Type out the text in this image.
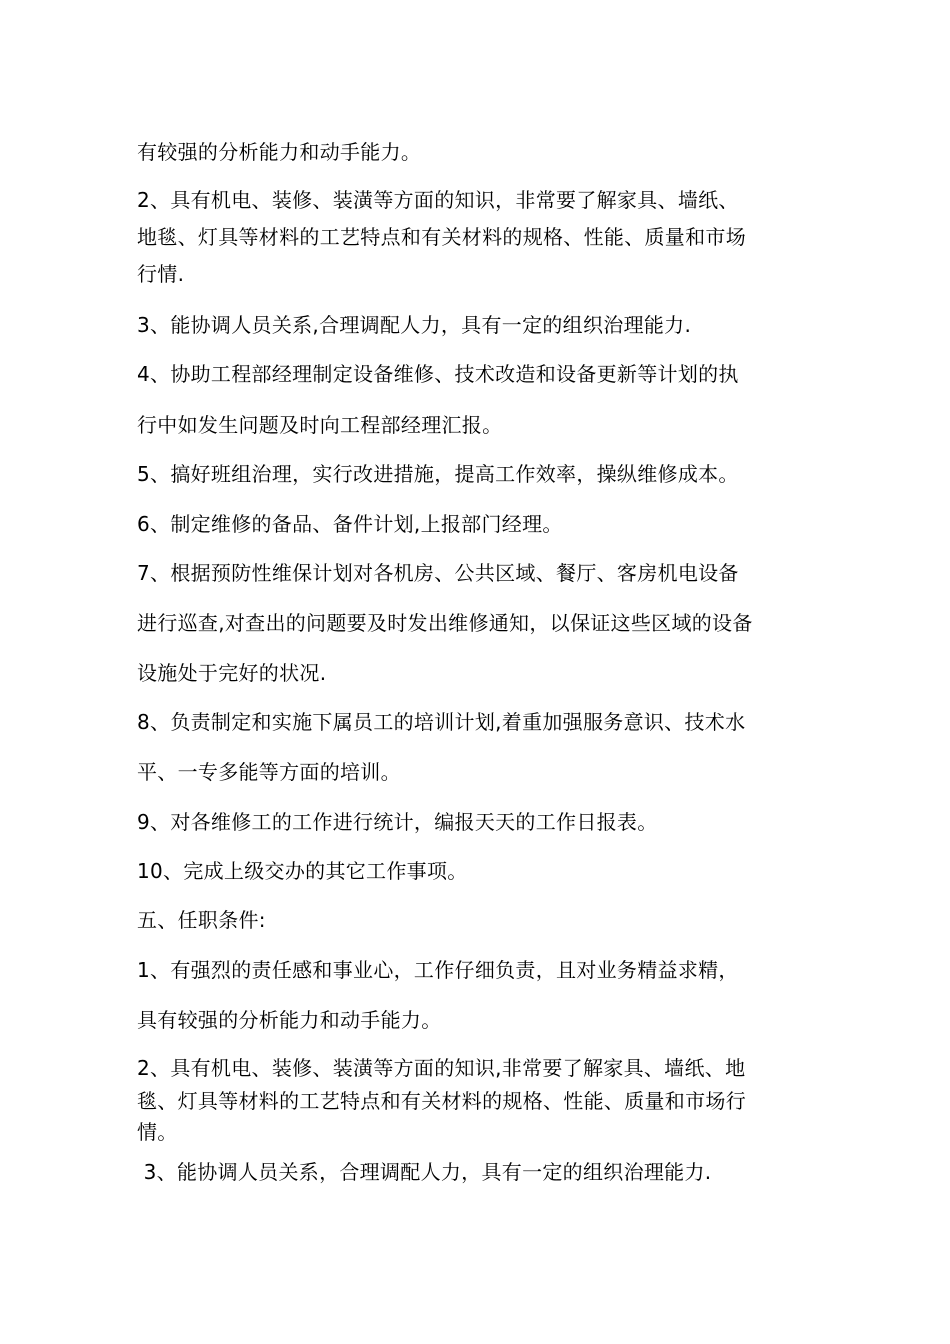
有较强的分析能力和动手能力。

2、具有机电、装修、装潢等方面的知识，非常要了解家具、墙纸、

地毯、灯具等材料的工艺特点和有关材料的规格、性能、质量和市场

行情.

3、能协调人员关系,合理调配人力，具有一定的组织治理能力.

4、协助工程部经理制定设备维修、技术改造和设备更新等计划的执

行中如发生问题及时向工程部经理汇报。

5、搞好班组治理，实行改进措施，提高工作效率，操纵维修成本。

6、制定维修的备品、备件计划,上报部门经理。

7、根据预防性维保计划对各机房、公共区域、餐厅、客房机电设备

进行巡查,对查出的问题要及时发出维修通知，以保证这些区域的设备

设施处于完好的状况.

8、负责制定和实施下属员工的培训计划,着重加强服务意识、技术水

平、一专多能等方面的培训。

9、对各维修工的工作进行统计，编报天天的工作日报表。

10、完成上级交办的其它工作事项。

五、任职条件:

1、有强烈的责任感和事业心，工作仔细负责，且对业务精益求精，

具有较强的分析能力和动手能力。

2、具有机电、装修、装潢等方面的知识,非常要了解家具、墙纸、地

毯、灯具等材料的工艺特点和有关材料的规格、性能、质量和市场行

情。

3、能协调人员关系，合理调配人力，具有一定的组织治理能力.
